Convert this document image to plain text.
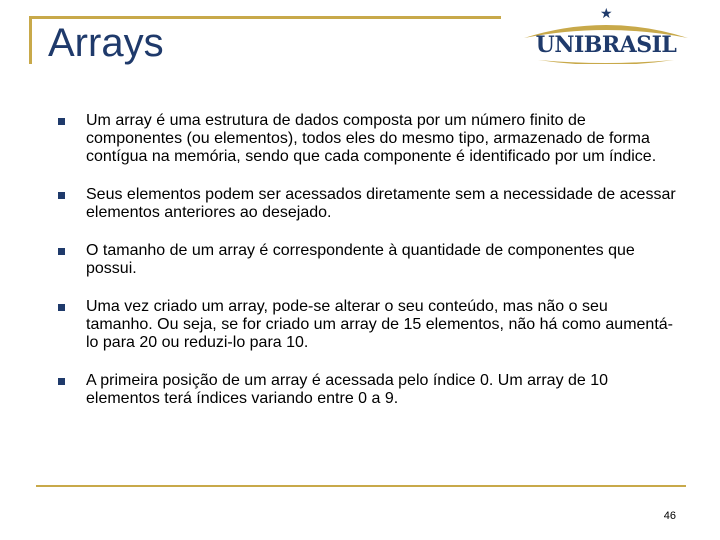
Arrays
★
UNIBRASIL
Um array é uma estrutura de dados composta por um número finito de componentes (ou elementos), todos eles do mesmo tipo, armazenado de forma contígua na memória, sendo que cada componente é identificado por um índice.
Seus elementos podem ser acessados diretamente sem a necessidade de acessar elementos anteriores ao desejado.
O tamanho de um array é correspondente à quantidade de componentes que possui.
Uma vez criado um array, pode-se alterar o seu conteúdo, mas não o seu tamanho. Ou seja, se for criado um array de 15 elementos, não há como aumentá-lo para 20 ou reduzi-lo para 10.
A primeira posição de um array é acessada pelo índice 0. Um array de 10 elementos terá índices variando entre 0 a 9.
46
